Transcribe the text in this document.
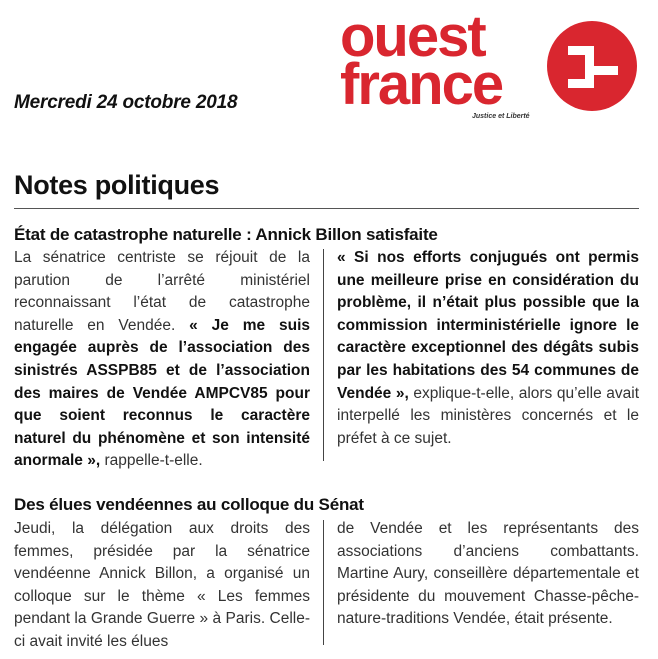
Mercredi 24 octobre 2018
ouest
france
Justice et Liberté
Notes politiques
État de catastrophe naturelle : Annick Billon satisfaite
La sénatrice centriste se réjouit de la parution de l’arrêté ministériel reconnaissant l’état de catastrophe naturelle en Vendée. « Je me suis engagée auprès de l’association des sinistrés ASSPB85 et de l’association des maires de Vendée AMPCV85 pour que soient reconnus le caractère naturel du phénomène et son intensité anormale », rappelle-t-elle.
« Si nos efforts conjugués ont permis une meilleure prise en considération du problème, il n’était plus possible que la commission interministérielle ignore le caractère exceptionnel des dégâts subis par les habitations des 54 communes de Vendée », explique-t-elle, alors qu’elle avait interpellé les ministères concernés et le préfet à ce sujet.
Des élues vendéennes au colloque du Sénat
Jeudi, la délégation aux droits des femmes, présidée par la sénatrice vendéenne Annick Billon, a organisé un colloque sur le thème « Les femmes pendant la Grande Guerre » à Paris. Celle-ci avait invité les élues
de Vendée et les représentants des associations d’anciens combattants. Martine Aury, conseillère départementale et présidente du mouvement Chasse-pêche-nature-traditions Vendée, était présente.
